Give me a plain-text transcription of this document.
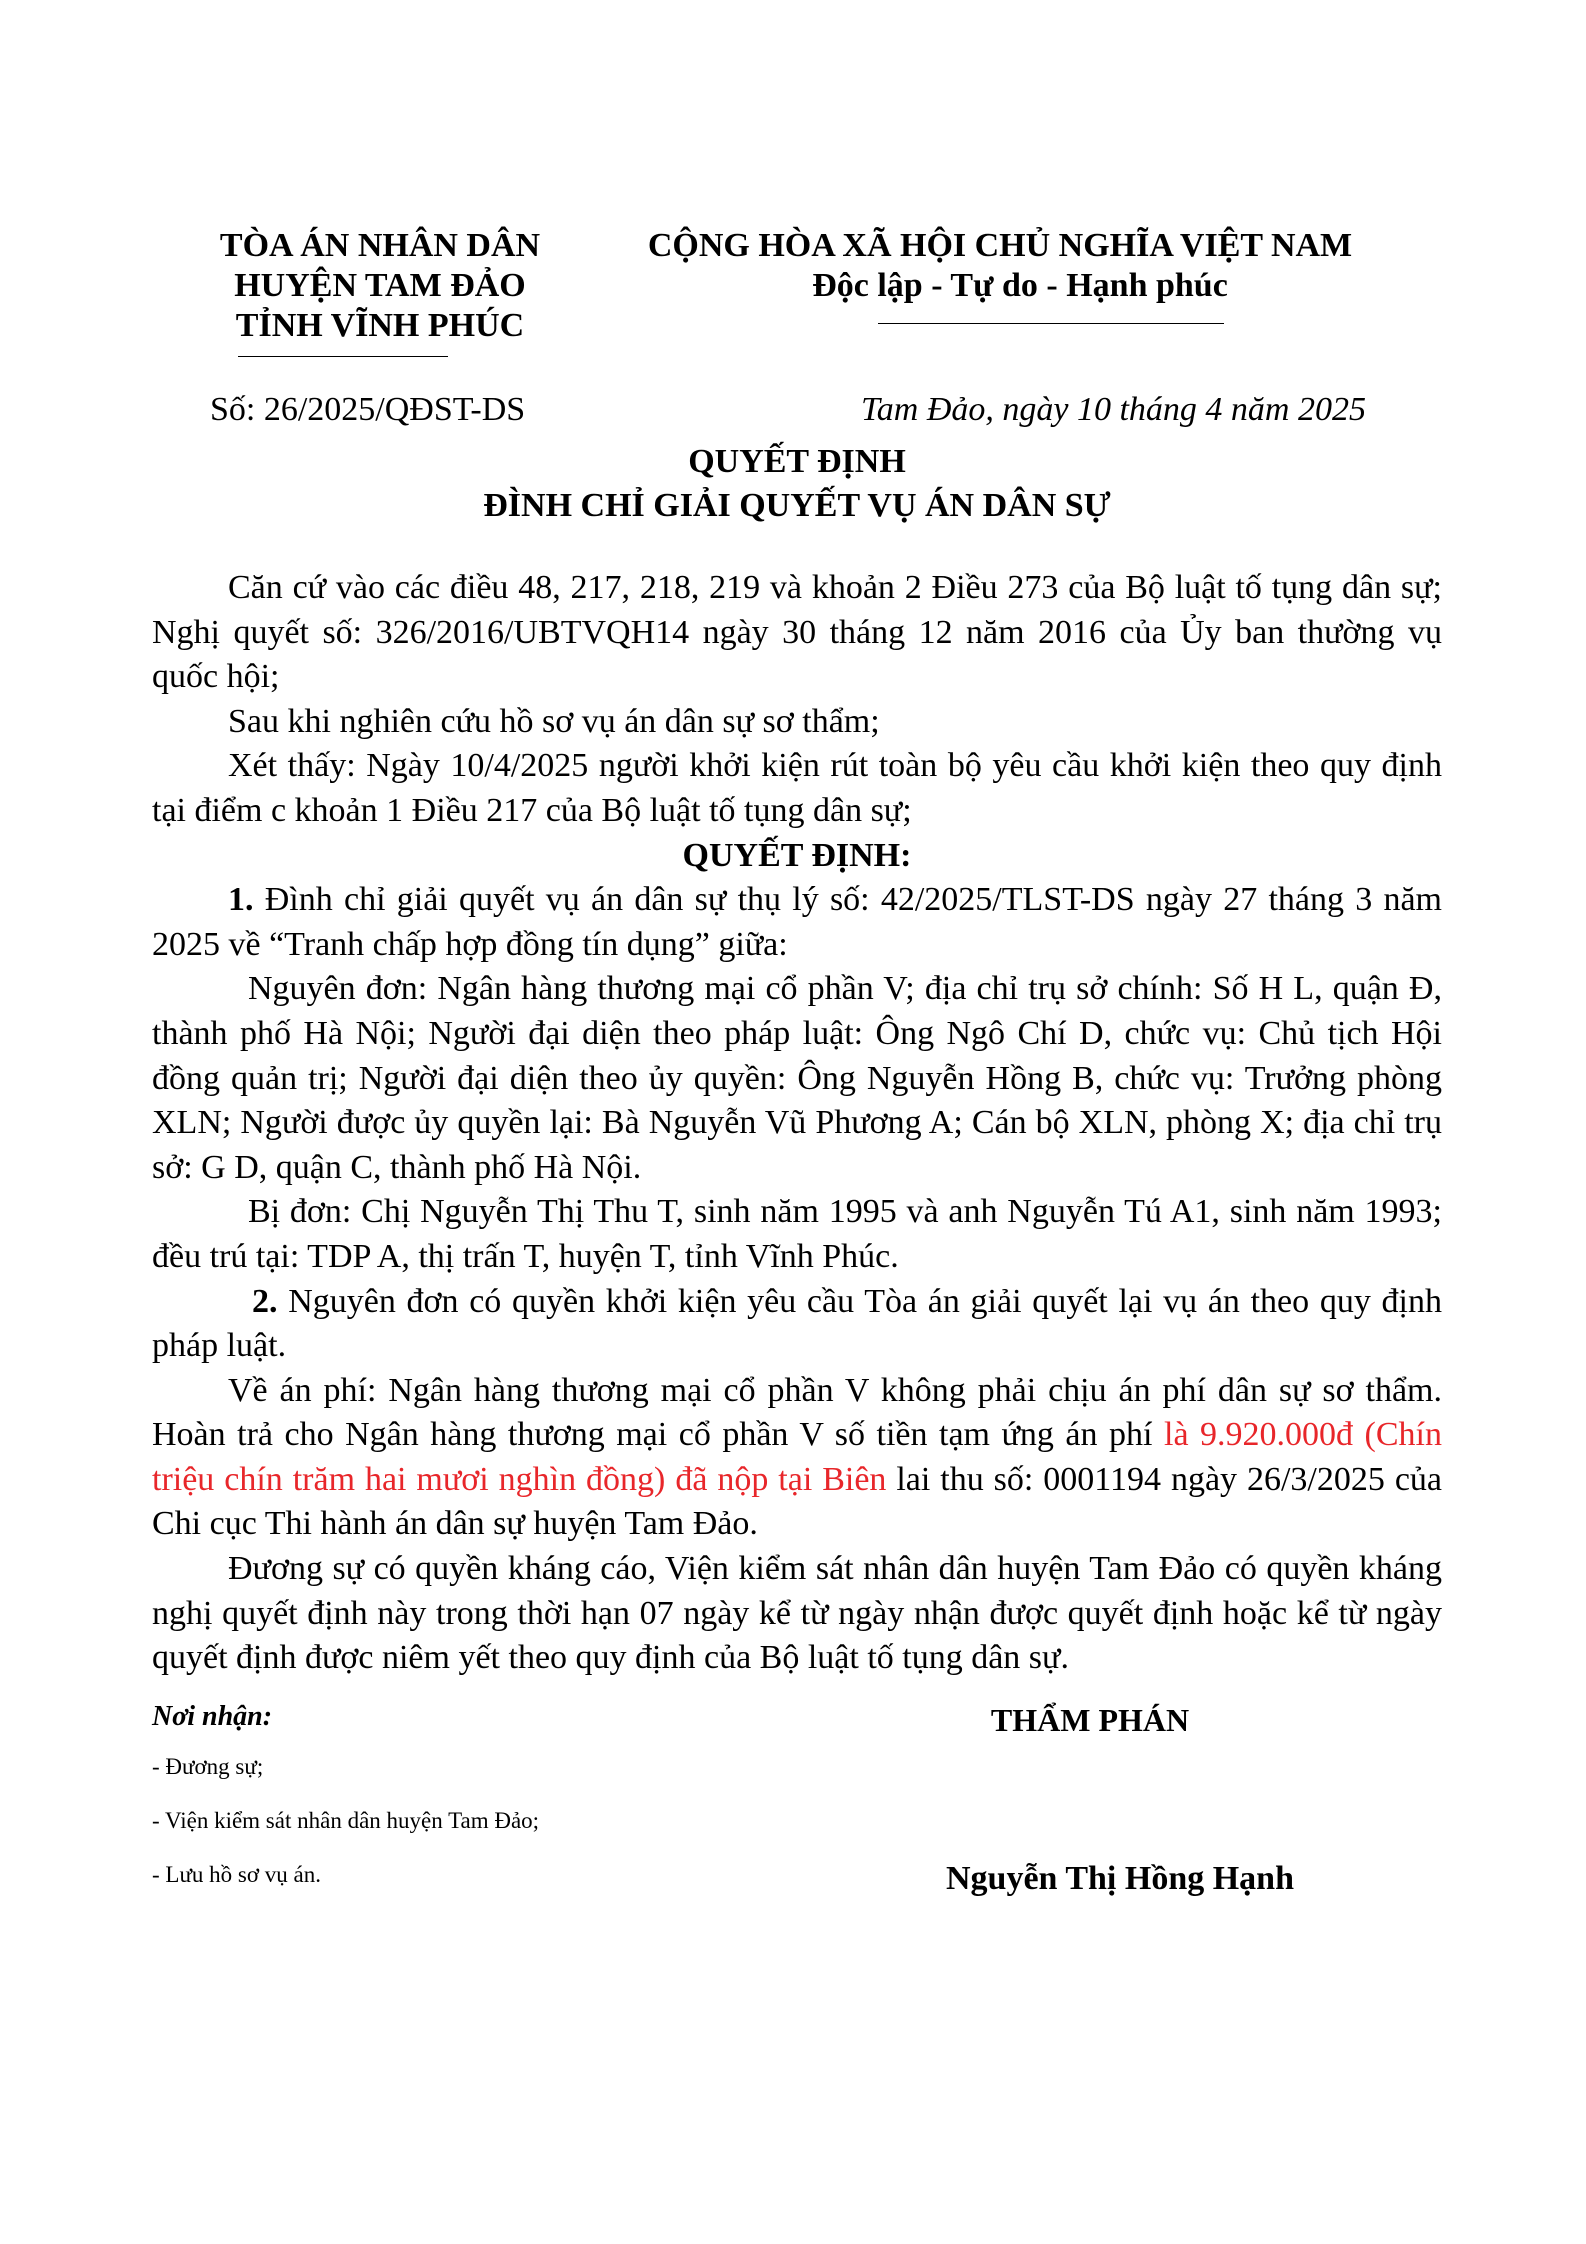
TÒA ÁN NHÂN DÂN
HUYỆN TAM ĐẢO
TỈNH VĨNH PHÚC
CỘNG HÒA XÃ HỘI CHỦ NGHĨA VIỆT NAM
Độc lập - Tự do - Hạnh phúc
Số: 26/2025/QĐST-DS	Tam Đảo, ngày 10 tháng 4 năm 2025
QUYẾT ĐỊNH
ĐÌNH CHỈ GIẢI QUYẾT VỤ ÁN DÂN SỰ

Căn cứ vào các điều 48, 217, 218, 219 và khoản 2 Điều 273 của Bộ luật tố tụng dân sự; Nghị quyết số: 326/2016/UBTVQH14 ngày 30 tháng 12 năm 2016 của Ủy ban thường vụ quốc hội;

Sau khi nghiên cứu hồ sơ vụ án dân sự sơ thẩm;

Xét thấy: Ngày 10/4/2025 người khởi kiện rút toàn bộ yêu cầu khởi kiện theo quy định tại điểm c khoản 1 Điều 217 của Bộ luật tố tụng dân sự;

QUYẾT ĐỊNH:

1. Đình chỉ giải quyết vụ án dân sự thụ lý số: 42/2025/TLST-DS ngày 27 tháng 3 năm 2025 về “Tranh chấp hợp đồng tín dụng” giữa:

Nguyên đơn: Ngân hàng thương mại cổ phần V; địa chỉ trụ sở chính: Số H L, quận Đ, thành phố Hà Nội; Người đại diện theo pháp luật: Ông Ngô Chí D, chức vụ: Chủ tịch Hội đồng quản trị; Người đại diện theo ủy quyền: Ông Nguyễn Hồng B, chức vụ: Trưởng phòng XLN; Người được ủy quyền lại: Bà Nguyễn Vũ Phương A; Cán bộ XLN, phòng X; địa chỉ trụ sở: G D, quận C, thành phố Hà Nội.

Bị đơn: Chị Nguyễn Thị Thu T, sinh năm 1995 và anh Nguyễn Tú A1, sinh năm 1993; đều trú tại: TDP A, thị trấn T, huyện T, tỉnh Vĩnh Phúc.

2. Nguyên đơn có quyền khởi kiện yêu cầu Tòa án giải quyết lại vụ án theo quy định pháp luật.

Về án phí: Ngân hàng thương mại cổ phần V không phải chịu án phí dân sự sơ thẩm. Hoàn trả cho Ngân hàng thương mại cổ phần V số tiền tạm ứng án phí là 9.920.000đ (Chín triệu chín trăm hai mươi nghìn đồng) đã nộp tại Biên lai thu số: 0001194 ngày 26/3/2025 của Chi cục Thi hành án dân sự huyện Tam Đảo.

Đương sự có quyền kháng cáo, Viện kiểm sát nhân dân huyện Tam Đảo có quyền kháng nghị quyết định này trong thời hạn 07 ngày kể từ ngày nhận được quyết định hoặc kể từ ngày quyết định được niêm yết theo quy định của Bộ luật tố tụng dân sự.

Nơi nhận:
- Đương sự;
- Viện kiểm sát nhân dân huyện Tam Đảo;
- Lưu hồ sơ vụ án.
THẨM PHÁN
Nguyễn Thị Hồng Hạnh
